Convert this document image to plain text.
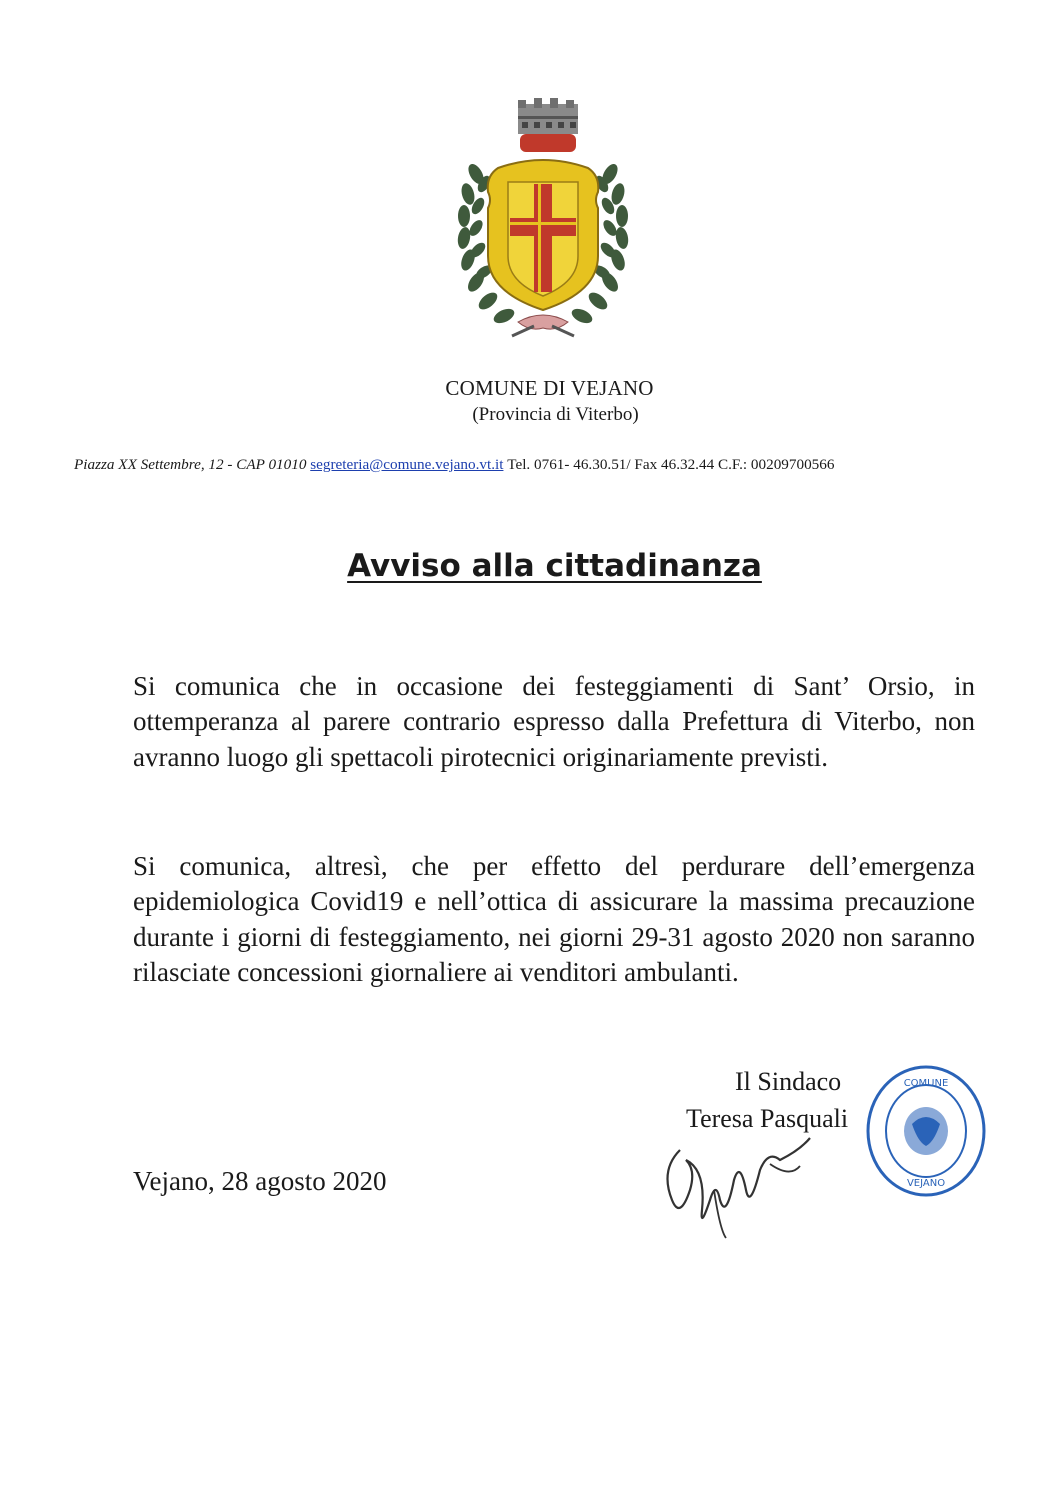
COMUNE DI VEJANO
(Provincia di Viterbo)
Piazza XX Settembre, 12 - CAP 01010 segreteria@comune.vejano.vt.it Tel. 0761- 46.30.51/ Fax 46.32.44 C.F.: 00209700566
Avviso alla cittadinanza
Si comunica che in occasione dei festeggiamenti di Sant’ Orsio, in ottemperanza al parere contrario espresso dalla Prefettura di Viterbo, non avranno luogo gli spettacoli pirotecnici originariamente previsti.
Si comunica, altresì, che per effetto del perdurare dell’emergenza epidemiologica Covid19 e nell’ottica di assicurare la massima precauzione durante i giorni di festeggiamento, nei giorni 29-31 agosto 2020 non saranno rilasciate concessioni giornaliere ai venditori ambulanti.
Il Sindaco
Teresa Pasquali
COMUNE
VEJANO
Vejano, 28 agosto 2020
